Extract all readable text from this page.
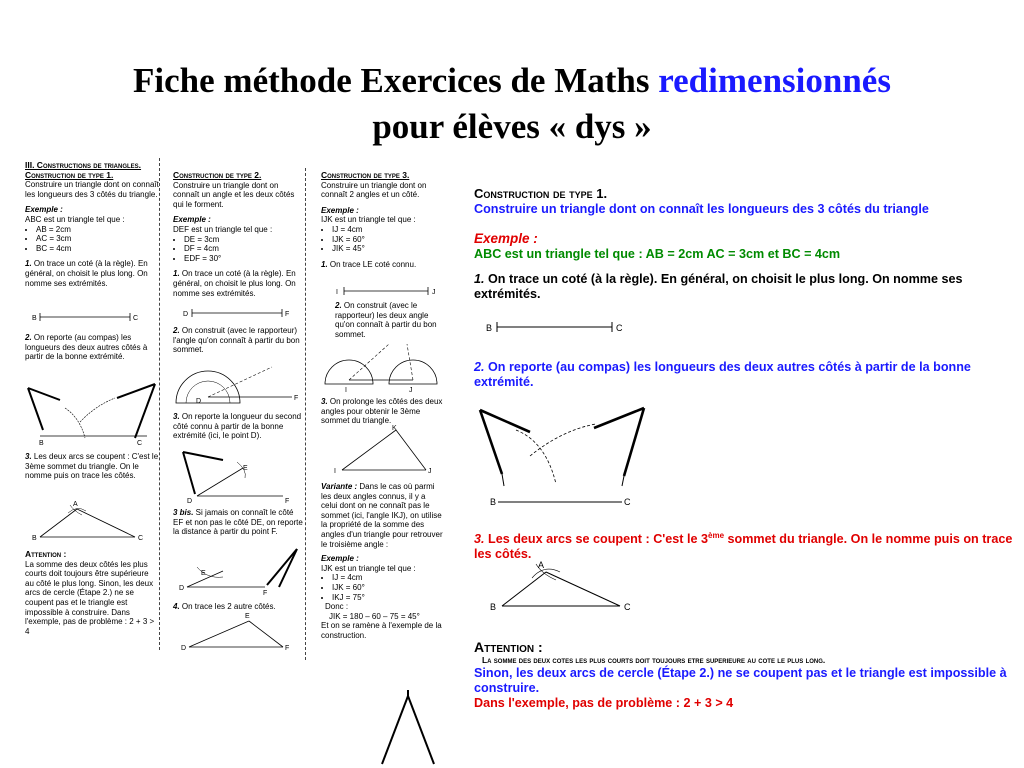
Fiche méthode Exercices de Maths redimensionnés
pour élèves « dys »

III. Constructions de triangles.
Construction de type 1.
Construire un triangle dont on connaît les longueurs des 3 côtés du triangle.

Exemple :
ABC est un triangle tel que :

• AB = 2cm
• AC = 3cm
• BC = 4cm

1. On trace un coté (à la règle). En général, on choisit le plus long. On nomme ses extrémités.

B	C

2. On reporte (au compas) les longueurs des deux autres côtés à partir de la bonne extrémité.

B	C

3. Les deux arcs se coupent : C'est le 3ème sommet du triangle. On le nomme puis on trace les côtés.

A
B	C

Attention :
La somme des deux côtés les plus courts doit toujours être supérieure au côté le plus long. Sinon, les deux arcs de cercle (Étape 2.) ne se coupent pas et le triangle est impossible à construire. Dans l'exemple, pas de problème : 2 + 3 > 4

Construction de type 2.
Construire un triangle dont on connaît un angle et les deux côtés qui le forment.

Exemple :
DEF est un triangle tel que :

• DE = 3cm
• DF = 4cm
• EDF = 30°

1. On trace un coté (à la règle). En général, on choisit le plus long. On nomme ses extrémités.

D	F

2. On construit (avec le rapporteur) l'angle qu'on connaît à partir du bon sommet.

D	F

3. On reporte la longueur du second côté connu à partir de la bonne extrémité (ici, le point D).

E
D	F

3 bis. Si jamais on connaît le côté EF et non pas le côté DE, on reporte la distance à partir du point F.

E
D
F

4. On trace les 2 autre côtés.

E
D	F

Construction de type 3.
Construire un triangle dont on connaît 2 angles et un côté.

Exemple :
IJK est un triangle tel que :

• IJ = 4cm
• IJK = 60°
• JIK = 45°

1. On trace LE coté connu.

I	J

2. On construit (avec le rapporteur) les deux angle qu'on connaît à partir du bon sommet.

I	J

3. On prolonge les côtés des deux angles pour obtenir le 3ème sommet du triangle.

K
I	J

Variante : Dans le cas où parmi les deux angles connus, il y a celui dont on ne connaît pas le sommet (ici, l'angle IKJ), on utilise la propriété de la somme des angles d'un triangle pour retrouver le troisième angle :

Exemple :
IJK est un triangle tel que :

• IJ = 4cm
• IJK = 60°
• IKJ = 75°

Donc :
JIK = 180 – 60 – 75 = 45°
Et on se ramène à l'exemple de la construction.

Construction de type 1.
Construire un triangle dont on connaît les longueurs des 3 côtés du triangle
Exemple :
ABC est un triangle tel que : AB = 2cm AC = 3cm et BC = 4cm
1. On trace un coté (à la règle). En général, on choisit le plus long. On nomme ses extrémités.
B	C
2. On reporte (au compas) les longueurs des deux autres côtés à partir de la bonne extrémité.
B	C
3. Les deux arcs se coupent : C'est le 3ème sommet du triangle. On le nomme puis on trace les côtés.
A
B	C
Attention :
La somme des deux cotes les plus courts doit toujours etre superieure au cote le plus long.
Sinon, les deux arcs de cercle (Étape 2.) ne se coupent pas et le triangle est impossible à construire.
Dans l'exemple, pas de problème : 2 + 3 > 4
